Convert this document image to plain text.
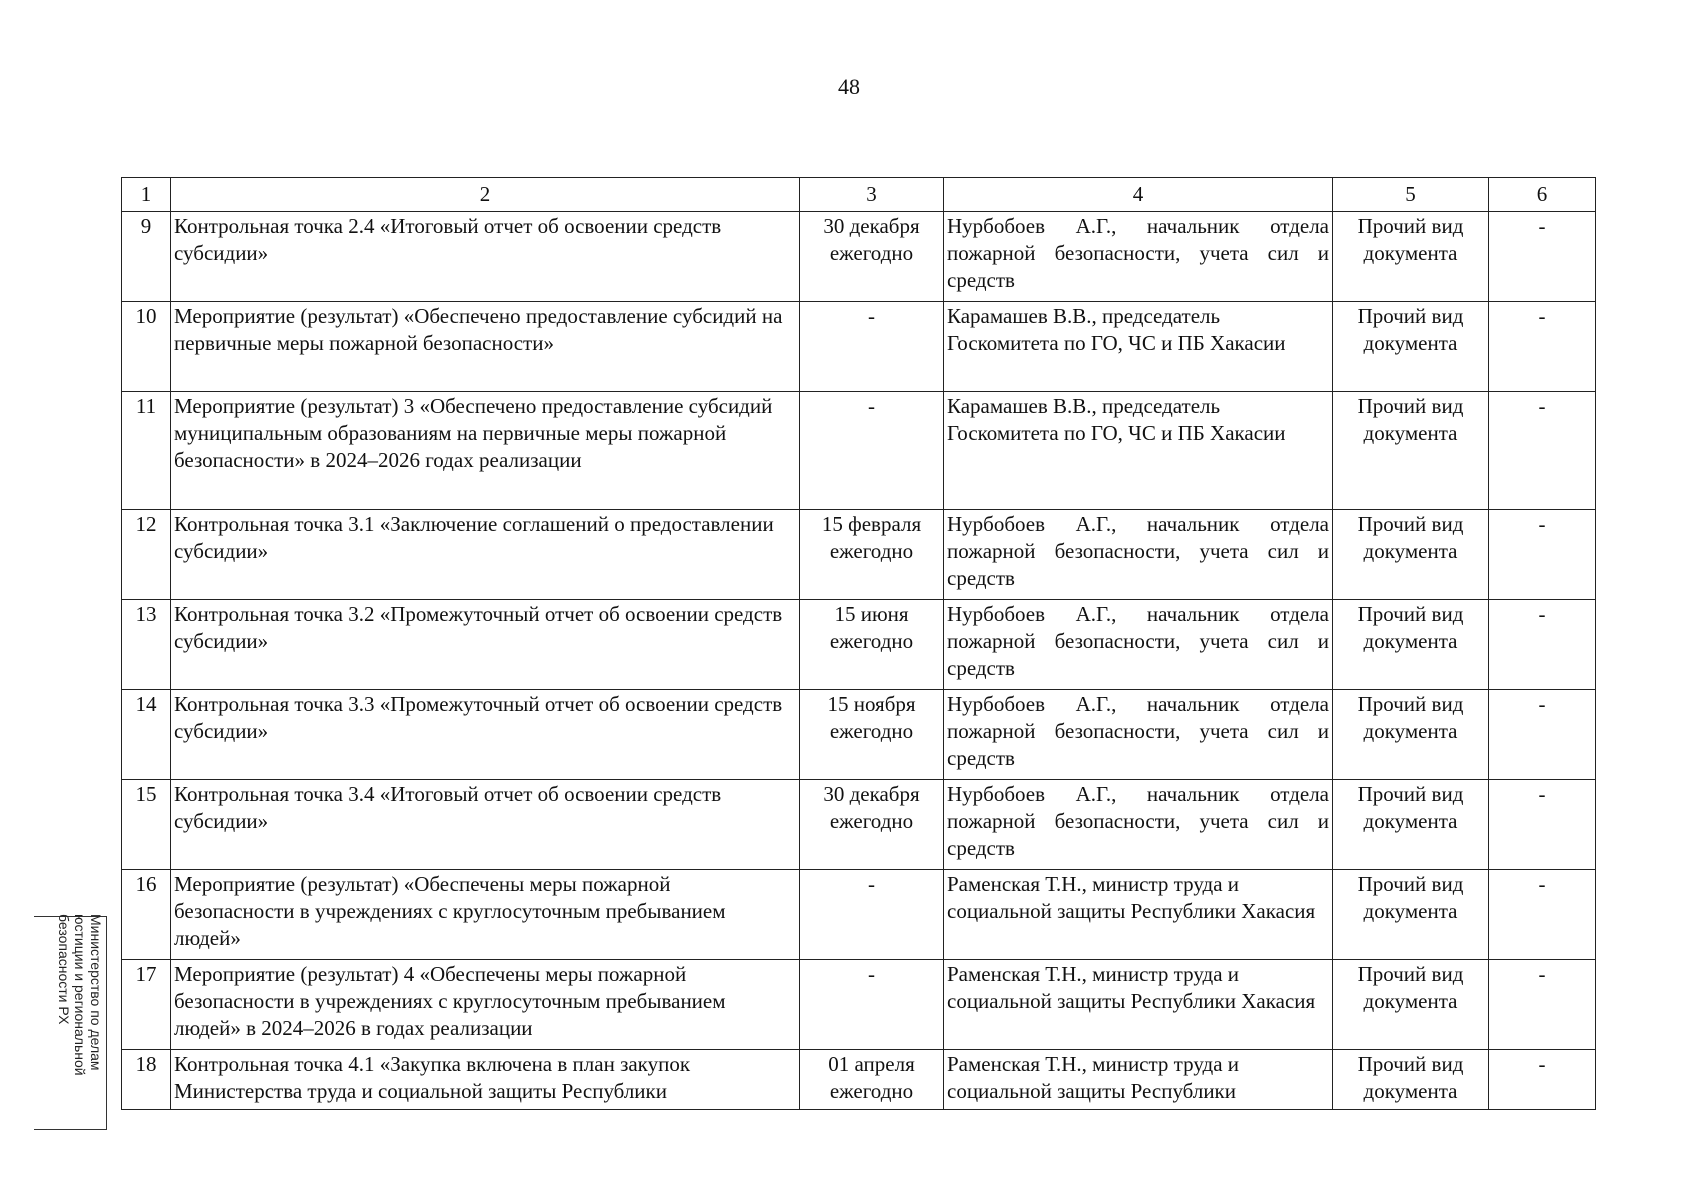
48
1	2	3	4	5	6
9	Контрольная точка 2.4 «Итоговый отчет об освоении средств субсидии»	30 декабря ежегодно	Нурбобоев А.Г., начальник отдела пожарной безопасности, учета сил и средств	Прочий вид документа	-
10	Мероприятие (результат) «Обеспечено предоставление субсидий на первичные меры пожарной безопасности»	-	Карамашев В.В., председатель Госкомитета по ГО, ЧС и ПБ Хакасии	Прочий вид документа	-
11	Мероприятие (результат) 3 «Обеспечено предоставление субсидий муниципальным образованиям на первичные меры пожарной безопасности» в 2024–2026 годах реализации	-	Карамашев В.В., председатель Госкомитета по ГО, ЧС и ПБ Хакасии	Прочий вид документа	-
12	Контрольная точка 3.1 «Заключение соглашений о предоставлении субсидии»	15 февраля ежегодно	Нурбобоев А.Г., начальник отдела пожарной безопасности, учета сил и средств	Прочий вид документа	-
13	Контрольная точка 3.2 «Промежуточный отчет об освоении средств субсидии»	15 июня ежегодно	Нурбобоев А.Г., начальник отдела пожарной безопасности, учета сил и средств	Прочий вид документа	-
14	Контрольная точка 3.3 «Промежуточный отчет об освоении средств субсидии»	15 ноября ежегодно	Нурбобоев А.Г., начальник отдела пожарной безопасности, учета сил и средств	Прочий вид документа	-
15	Контрольная точка 3.4 «Итоговый отчет об освоении средств субсидии»	30 декабря ежегодно	Нурбобоев А.Г., начальник отдела пожарной безопасности, учета сил и средств	Прочий вид документа	-
16	Мероприятие (результат) «Обеспечены меры пожарной безопасности в учреждениях с круглосуточным пребыванием людей»	-	Раменская Т.Н., министр труда и социальной защиты Республики Хакасия	Прочий вид документа	-
17	Мероприятие (результат) 4 «Обеспечены меры пожарной безопасности в учреждениях с круглосуточным пребыванием людей» в 2024–2026 в годах реализации	-	Раменская Т.Н., министр труда и социальной защиты Республики Хакасия	Прочий вид документа	-
18	Контрольная точка 4.1 «Закупка включена в план закупок Министерства труда и социальной защиты Республики	01 апреля ежегодно	Раменская Т.Н., министр труда и социальной защиты Республики	Прочий вид документа	-
Министерство по делам
юстиции и региональной
безопасности РХ
